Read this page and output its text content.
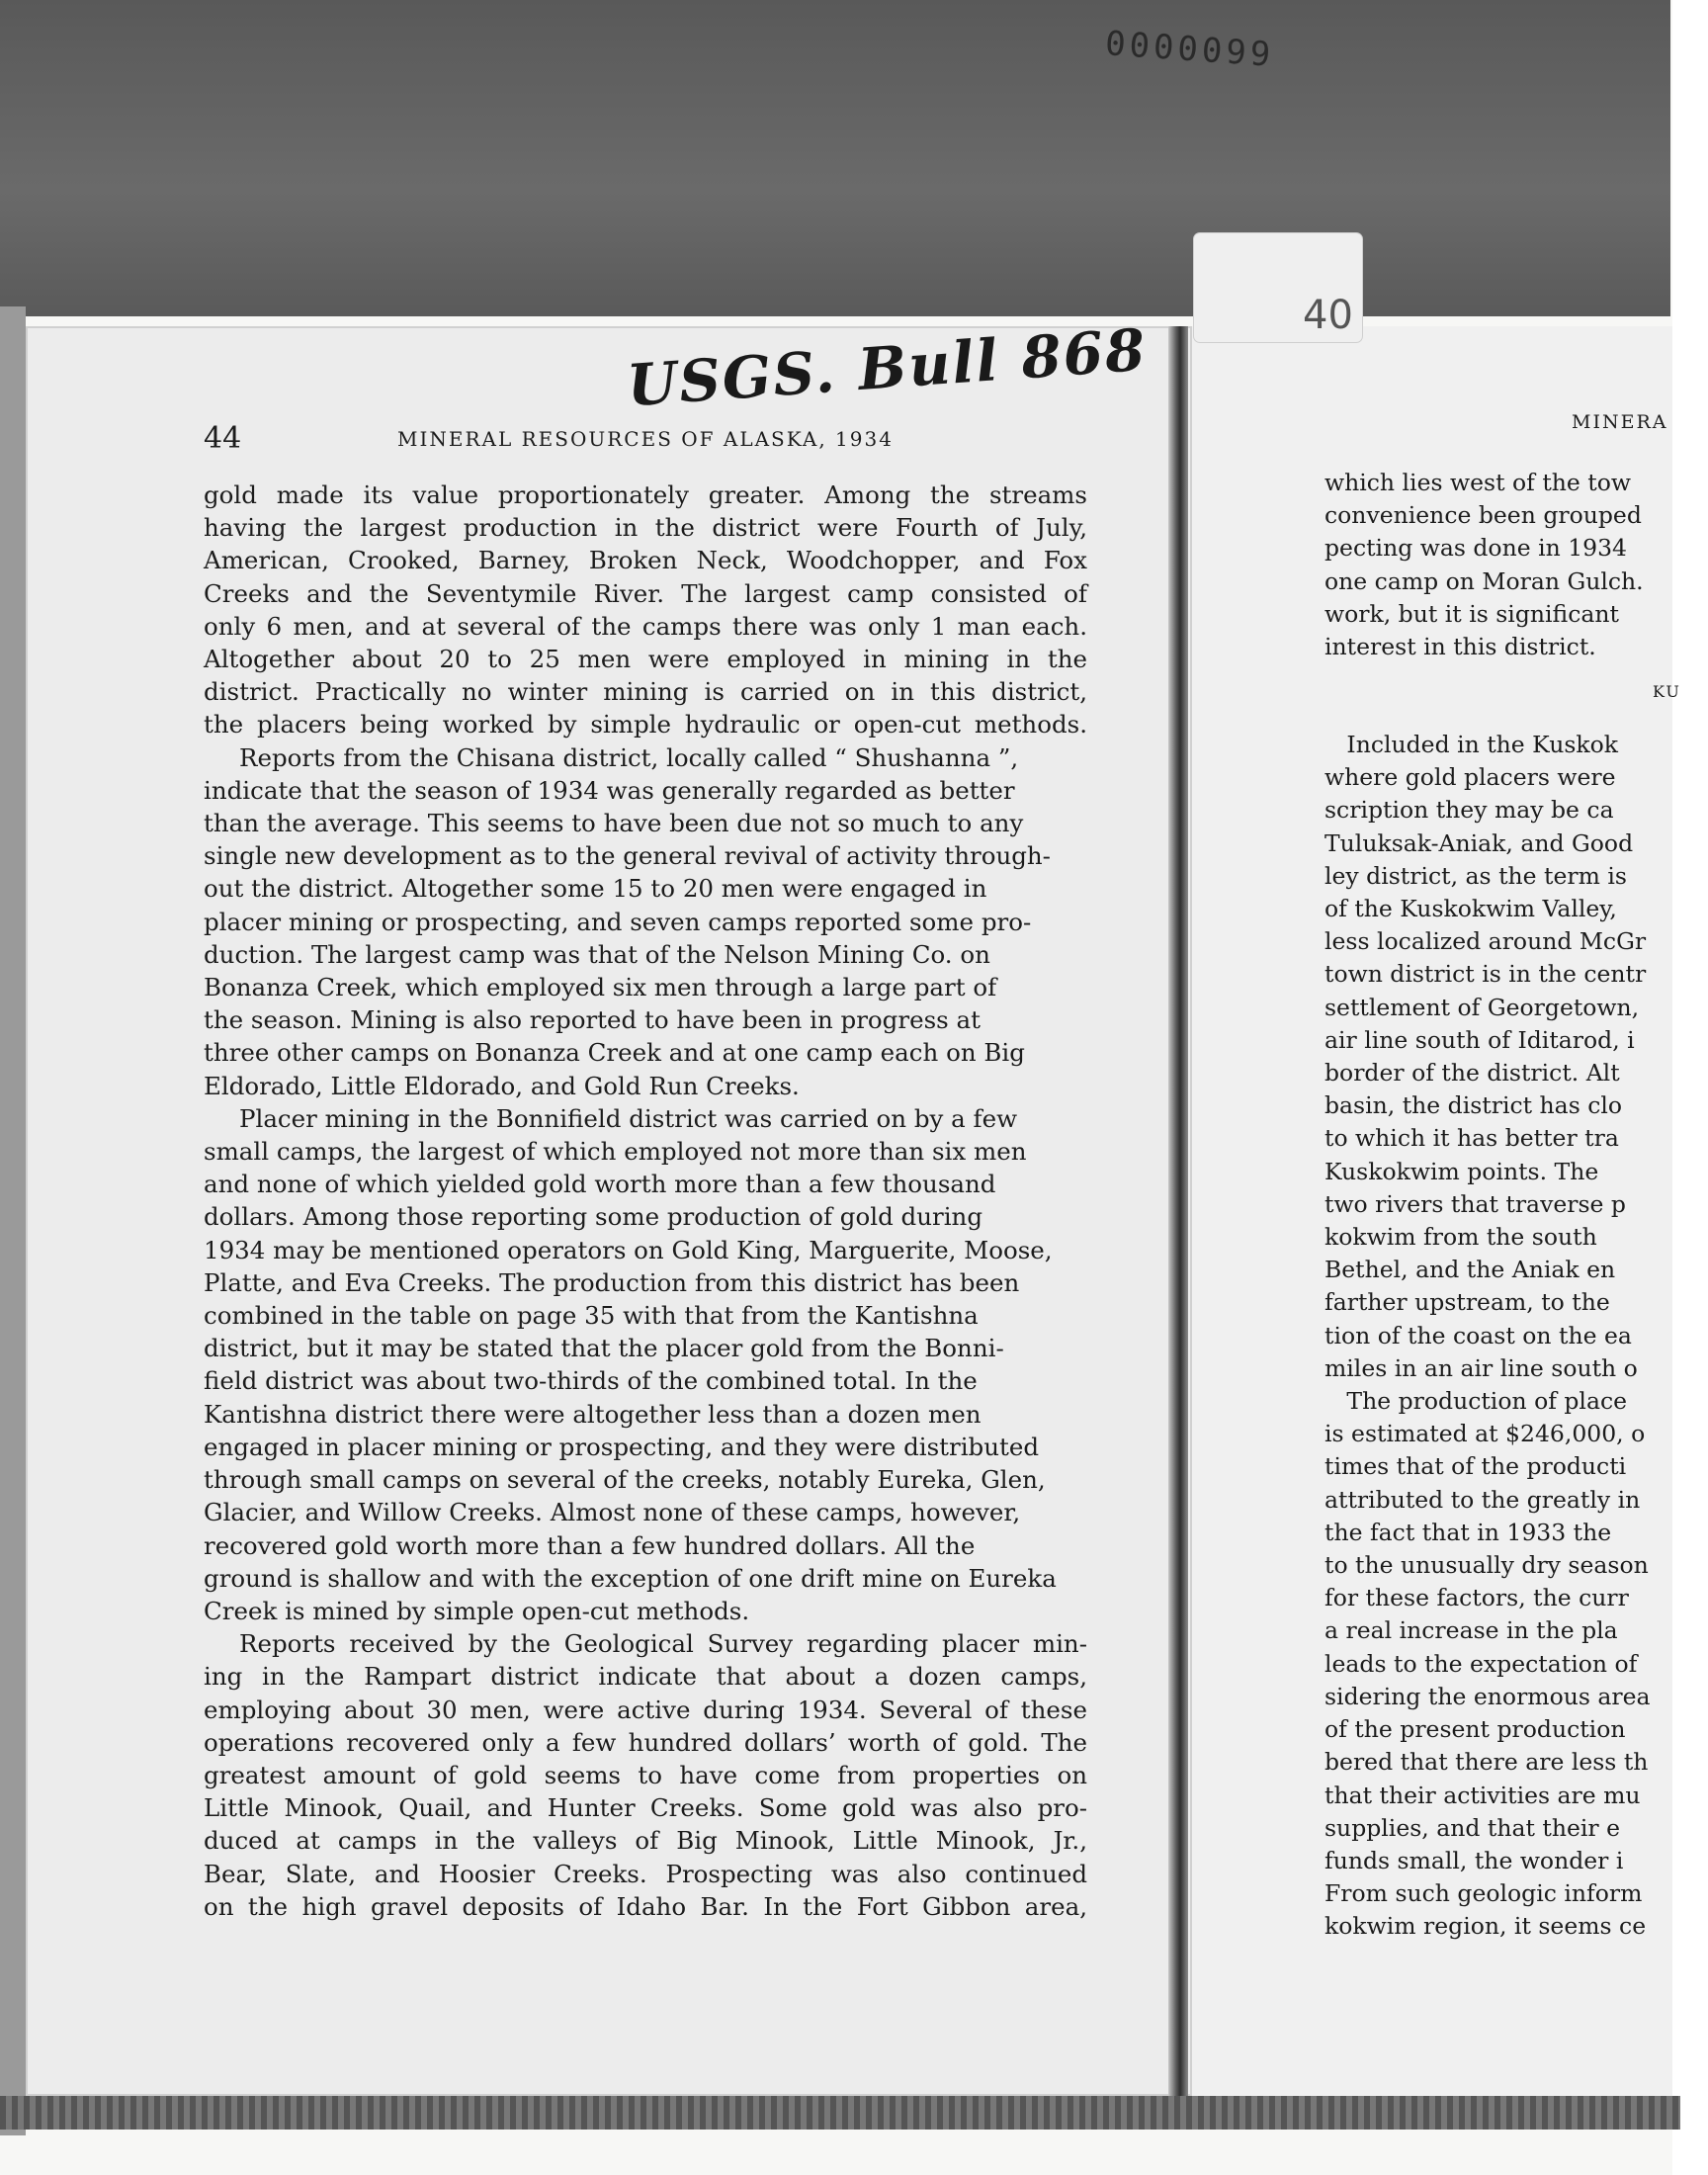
0000099
40
USGS. Bull 868
44	MINERAL RESOURCES OF ALASKA, 1934

gold made its value proportionately greater. Among the streams
having the largest production in the district were Fourth of July,
American, Crooked, Barney, Broken Neck, Woodchopper, and Fox
Creeks and the Seventymile River. The largest camp consisted of
only 6 men, and at several of the camps there was only 1 man each.
Altogether about 20 to 25 men were employed in mining in the
district. Practically no winter mining is carried on in this district,
the placers being worked by simple hydraulic or open-cut methods.

Reports from the Chisana district, locally called “ Shushanna ”,
indicate that the season of 1934 was generally regarded as better
than the average. This seems to have been due not so much to any
single new development as to the general revival of activity through-
out the district. Altogether some 15 to 20 men were engaged in
placer mining or prospecting, and seven camps reported some pro-
duction. The largest camp was that of the Nelson Mining Co. on
Bonanza Creek, which employed six men through a large part of
the season. Mining is also reported to have been in progress at
three other camps on Bonanza Creek and at one camp each on Big
Eldorado, Little Eldorado, and Gold Run Creeks.

Placer mining in the Bonnifield district was carried on by a few
small camps, the largest of which employed not more than six men
and none of which yielded gold worth more than a few thousand
dollars. Among those reporting some production of gold during
1934 may be mentioned operators on Gold King, Marguerite, Moose,
Platte, and Eva Creeks. The production from this district has been
combined in the table on page 35 with that from the Kantishna
district, but it may be stated that the placer gold from the Bonni-
field district was about two-thirds of the combined total. In the
Kantishna district there were altogether less than a dozen men
engaged in placer mining or prospecting, and they were distributed
through small camps on several of the creeks, notably Eureka, Glen,
Glacier, and Willow Creeks. Almost none of these camps, however,
recovered gold worth more than a few hundred dollars. All the
ground is shallow and with the exception of one drift mine on Eureka
Creek is mined by simple open-cut methods.

Reports received by the Geological Survey regarding placer min-
ing in the Rampart district indicate that about a dozen camps,
employing about 30 men, were active during 1934. Several of these
operations recovered only a few hundred dollars’ worth of gold. The
greatest amount of gold seems to have come from properties on
Little Minook, Quail, and Hunter Creeks. Some gold was also pro-
duced at camps in the valleys of Big Minook, Little Minook, Jr.,
Bear, Slate, and Hoosier Creeks. Prospecting was also continued
on the high gravel deposits of Idaho Bar. In the Fort Gibbon area,

MINERA

which lies west of the tow

convenience been grouped

pecting was done in 1934

one camp on Moran Gulch.

work, but it is significant

interest in this district.

KU

Included in the Kuskok

where gold placers were

scription they may be ca

Tuluksak-Aniak, and Good

ley district, as the term is

of the Kuskokwim Valley,

less localized around McGr

town district is in the centr

settlement of Georgetown,

air line south of Iditarod, i

border of the district. Alt

basin, the district has clo

to which it has better tra

Kuskokwim points. The

two rivers that traverse p

kokwim from the south

Bethel, and the Aniak en

farther upstream, to the

tion of the coast on the ea

miles in an air line south o

The production of place

is estimated at $246,000, o

times that of the producti

attributed to the greatly in

the fact that in 1933 the

to the unusually dry season

for these factors, the curr

a real increase in the pla

leads to the expectation of

sidering the enormous area

of the present production

bered that there are less th

that their activities are mu

supplies, and that their e

funds small, the wonder i

From such geologic inform

kokwim region, it seems ce
